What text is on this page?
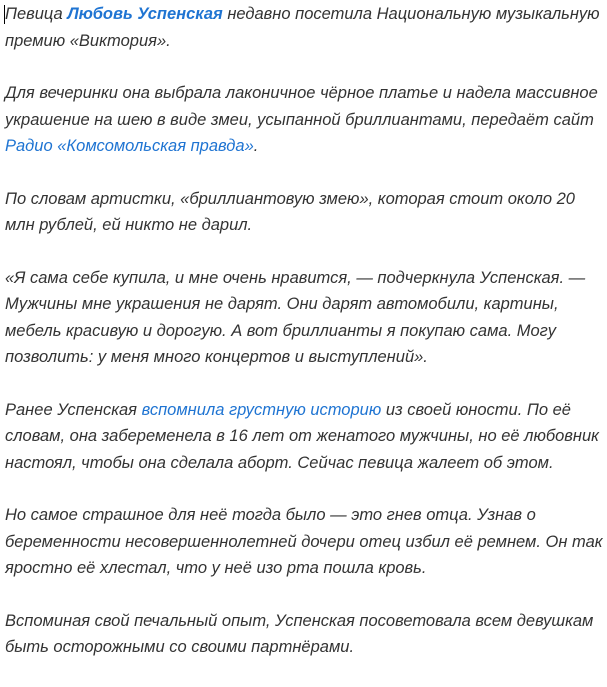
Певица Любовь Успенская недавно посетила Национальную музыкальную премию «Виктория».

Для вечеринки она выбрала лаконичное чёрное платье и надела массивное украшение на шею в виде змеи, усыпанной бриллиантами, передаёт сайт Радио «Комсомольская правда».

По словам артистки, «бриллиантовую змею», которая стоит около 20 млн рублей, ей никто не дарил.

«Я сама себе купила, и мне очень нравится, — подчеркнула Успенская. — Мужчины мне украшения не дарят. Они дарят автомобили, картины, мебель красивую и дорогую. А вот бриллианты я покупаю сама. Могу позволить: у меня много концертов и выступлений».

Ранее Успенская вспомнила грустную историю из своей юности. По её словам, она забеременела в 16 лет от женатого мужчины, но её любовник настоял, чтобы она сделала аборт. Сейчас певица жалеет об этом.

Но самое страшное для неё тогда было — это гнев отца. Узнав о беременности несовершеннолетней дочери отец избил её ремнем. Он так яростно её хлестал, что у неё изо рта пошла кровь.

Вспоминая свой печальный опыт, Успенская посоветовала всем девушкам быть осторожными со своими партнёрами.
